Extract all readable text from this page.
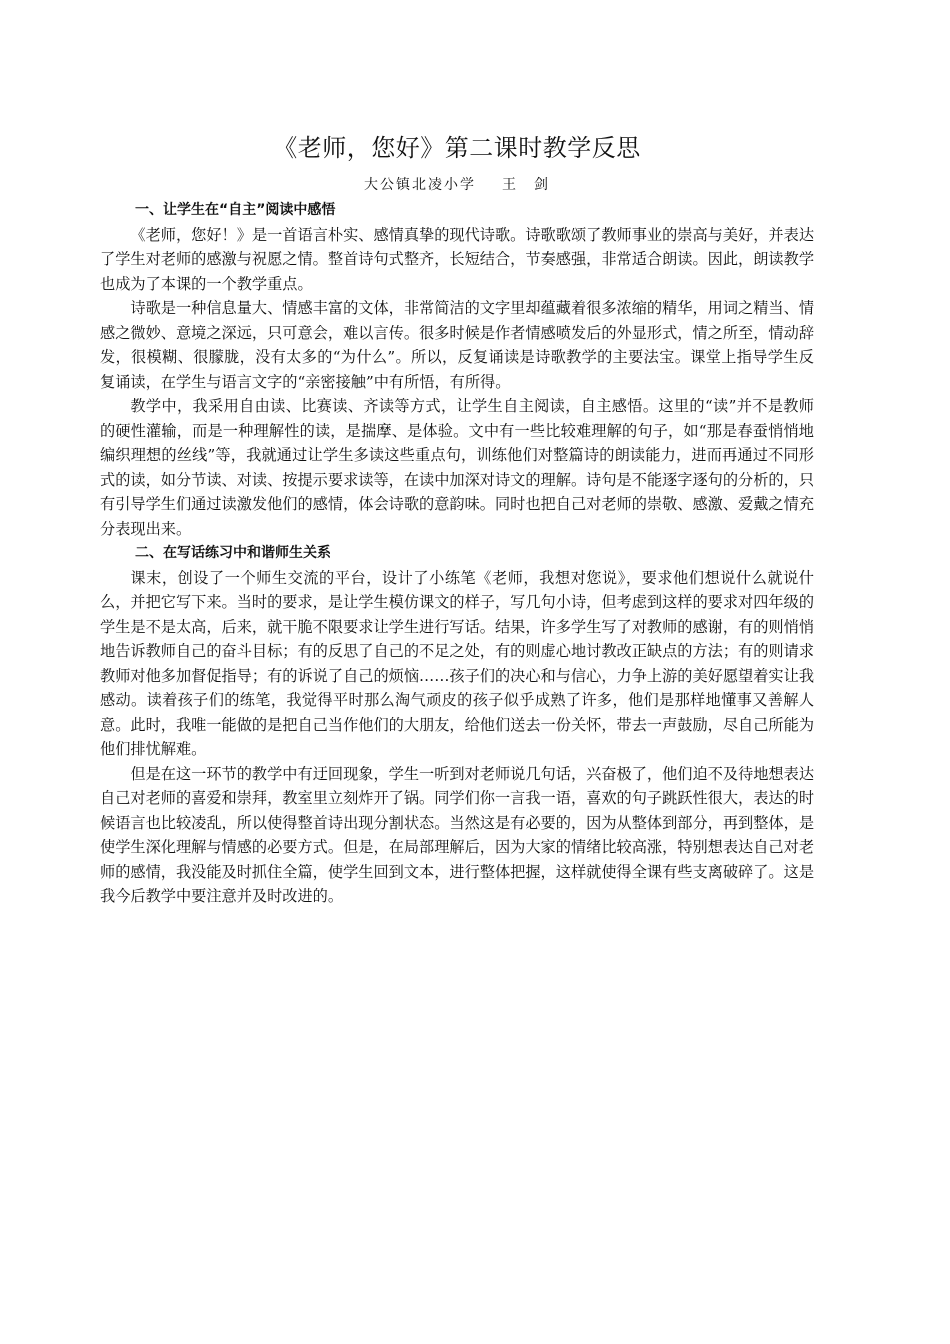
《老师，您好》第二课时教学反思
大公镇北凌小学 王　剑
一、让学生在“自主”阅读中感悟

《老师，您好！》是一首语言朴实、感情真挚的现代诗歌。诗歌歌颂了教师事业的崇高与美好，并表达了学生对老师的感激与祝愿之情。整首诗句式整齐，长短结合，节奏感强，非常适合朗读。因此，朗读教学也成为了本课的一个教学重点。

诗歌是一种信息量大、情感丰富的文体，非常简洁的文字里却蕴藏着很多浓缩的精华，用词之精当、情感之微妙、意境之深远，只可意会，难以言传。很多时候是作者情感喷发后的外显形式，情之所至，情动辞发，很模糊、很朦胧，没有太多的“为什么”。所以，反复诵读是诗歌教学的主要法宝。课堂上指导学生反复诵读，在学生与语言文字的“亲密接触”中有所悟，有所得。

教学中，我采用自由读、比赛读、齐读等方式，让学生自主阅读，自主感悟。这里的“读”并不是教师的硬性灌输，而是一种理解性的读，是揣摩、是体验。文中有一些比较难理解的句子，如“那是春蚕悄悄地编织理想的丝线”等，我就通过让学生多读这些重点句，训练他们对整篇诗的朗读能力，进而再通过不同形式的读，如分节读、对读、按提示要求读等，在读中加深对诗文的理解。诗句是不能逐字逐句的分析的，只有引导学生们通过读激发他们的感情，体会诗歌的意韵味。同时也把自己对老师的崇敬、感激、爱戴之情充分表现出来。

二、在写话练习中和谐师生关系

课末，创设了一个师生交流的平台，设计了小练笔《老师，我想对您说》，要求他们想说什么就说什么，并把它写下来。当时的要求，是让学生模仿课文的样子，写几句小诗，但考虑到这样的要求对四年级的学生是不是太高，后来，就干脆不限要求让学生进行写话。结果，许多学生写了对教师的感谢，有的则悄悄地告诉教师自己的奋斗目标；有的反思了自己的不足之处，有的则虚心地讨教改正缺点的方法；有的则请求教师对他多加督促指导；有的诉说了自己的烦恼……孩子们的决心和与信心，力争上游的美好愿望着实让我感动。读着孩子们的练笔，我觉得平时那么淘气顽皮的孩子似乎成熟了许多，他们是那样地懂事又善解人意。此时，我唯一能做的是把自己当作他们的大朋友，给他们送去一份关怀，带去一声鼓励，尽自己所能为他们排忧解难。

但是在这一环节的教学中有迂回现象，学生一听到对老师说几句话，兴奋极了，他们迫不及待地想表达自己对老师的喜爱和崇拜，教室里立刻炸开了锅。同学们你一言我一语，喜欢的句子跳跃性很大，表达的时候语言也比较凌乱，所以使得整首诗出现分割状态。当然这是有必要的，因为从整体到部分，再到整体，是使学生深化理解与情感的必要方式。但是，在局部理解后，因为大家的情绪比较高涨，特别想表达自己对老师的感情，我没能及时抓住全篇，使学生回到文本，进行整体把握，这样就使得全课有些支离破碎了。这是我今后教学中要注意并及时改进的。
